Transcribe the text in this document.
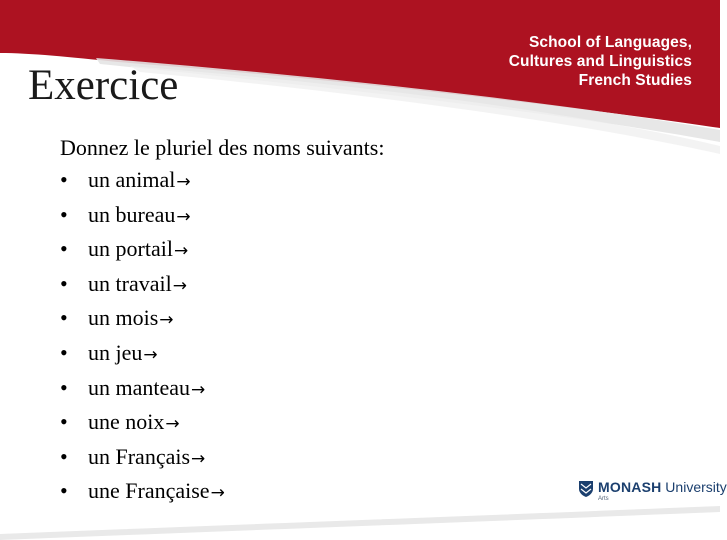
School of Languages,
Cultures and Linguistics
French Studies
Exercice

Donnez le pluriel des noms suivants:

• un animal→
• un bureau→
• un portail→
• un travail→
• un mois→
• un jeu→
• un manteau→
• une noix→
• un Français→
• une Française→	MONASH University
Arts
